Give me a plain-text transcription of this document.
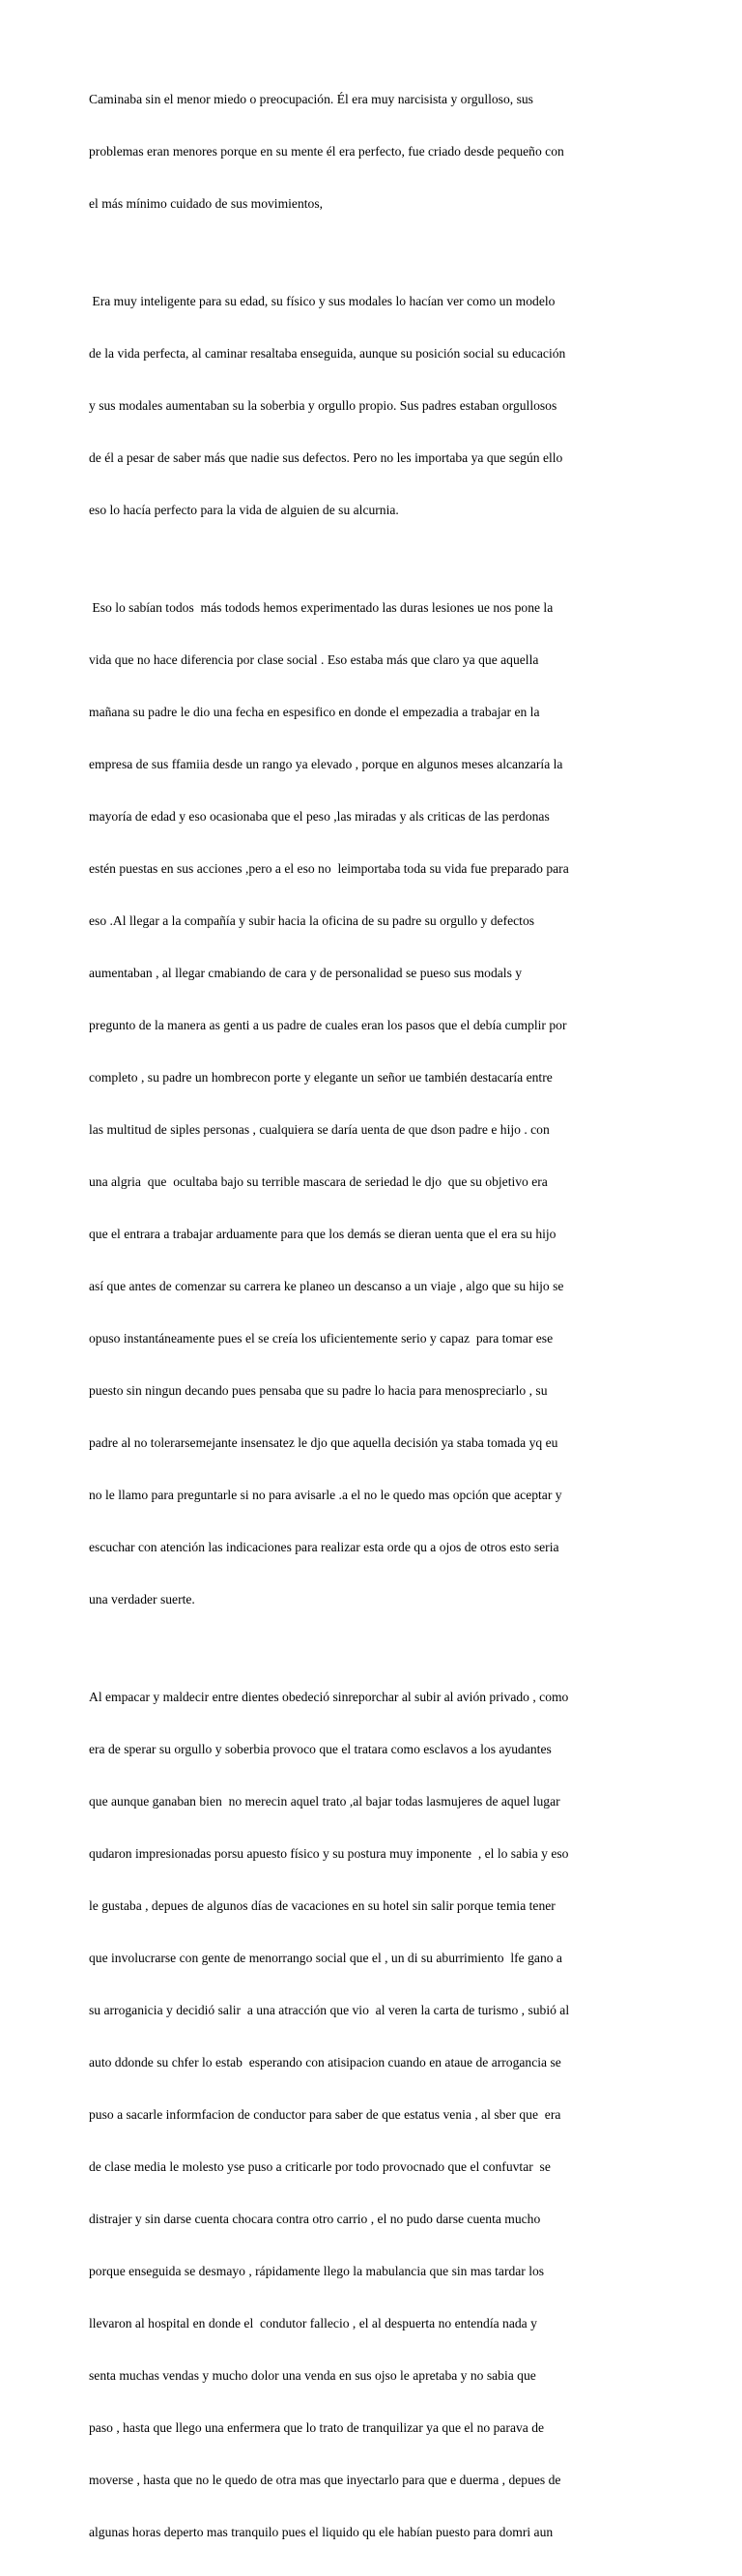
Caminaba sin el menor miedo o preocupación. Él era muy narcisista y orgulloso, sus

problemas eran menores porque en su mente él era perfecto, fue criado desde pequeño con

el más mínimo cuidado de sus movimientos,

Era muy inteligente para su edad, su físico y sus modales lo hacían ver como un modelo

de la vida perfecta, al caminar resaltaba enseguida, aunque su posición social su educación

y sus modales aumentaban su la soberbia y orgullo propio. Sus padres estaban orgullosos

de él a pesar de saber más que nadie sus defectos. Pero no les importaba ya que según ello

eso lo hacía perfecto para la vida de alguien de su alcurnia.

Eso lo sabían todos  más todods hemos experimentado las duras lesiones ue nos pone la

vida que no hace diferencia por clase social . Eso estaba más que claro ya que aquella

mañana su padre le dio una fecha en espesifico en donde el empezadia a trabajar en la

empresa de sus ffamiia desde un rango ya elevado , porque en algunos meses alcanzaría la

mayoría de edad y eso ocasionaba que el peso ,las miradas y als criticas de las perdonas

estén puestas en sus acciones ,pero a el eso no  leimportaba toda su vida fue preparado para

eso .Al llegar a la compañía y subir hacia la oficina de su padre su orgullo y defectos

aumentaban , al llegar cmabiando de cara y de personalidad se pueso sus modals y

pregunto de la manera as genti a us padre de cuales eran los pasos que el debía cumplir por

completo , su padre un hombrecon porte y elegante un señor ue también destacaría entre

las multitud de siples personas , cualquiera se daría uenta de que dson padre e hijo . con

una algria  que  ocultaba bajo su terrible mascara de seriedad le djo  que su objetivo era

que el entrara a trabajar arduamente para que los demás se dieran uenta que el era su hijo

así que antes de comenzar su carrera ke planeo un descanso a un viaje , algo que su hijo se

opuso instantáneamente pues el se creía los uficientemente serio y capaz  para tomar ese

puesto sin ningun decando pues pensaba que su padre lo hacia para menospreciarlo , su

padre al no tolerarsemejante insensatez le djo que aquella decisión ya staba tomada yq eu

no le llamo para preguntarle si no para avisarle .a el no le quedo mas opción que aceptar y

escuchar con atención las indicaciones para realizar esta orde qu a ojos de otros esto seria

una verdader suerte.

Al empacar y maldecir entre dientes obedeció sinreporchar al subir al avión privado , como

era de sperar su orgullo y soberbia provoco que el tratara como esclavos a los ayudantes

que aunque ganaban bien  no merecin aquel trato ,al bajar todas lasmujeres de aquel lugar

qudaron impresionadas porsu apuesto físico y su postura muy imponente  , el lo sabia y eso

le gustaba , depues de algunos días de vacaciones en su hotel sin salir porque temia tener

que involucrarse con gente de menorrango social que el , un di su aburrimiento  lfe gano a

su arroganicia y decidió salir  a una atracción que vio  al veren la carta de turismo , subió al

auto ddonde su chfer lo estab  esperando con atisipacion cuando en ataue de arrogancia se

puso a sacarle informfacion de conductor para saber de que estatus venia , al sber que  era

de clase media le molesto yse puso a criticarle por todo provocnado que el confuvtar  se

distrajer y sin darse cuenta chocara contra otro carrio , el no pudo darse cuenta mucho

porque enseguida se desmayo , rápidamente llego la mabulancia que sin mas tardar los

llevaron al hospital en donde el  condutor fallecio , el al despuerta no entendía nada y

senta muchas vendas y mucho dolor una venda en sus ojso le apretaba y no sabia que

paso , hasta que llego una enfermera que lo trato de tranquilizar ya que el no parava de

moverse , hasta que no le quedo de otra mas que inyectarlo para que e duerma , depues de

algunas horas deperto mas tranquilo pues el liquido qu ele habían puesto para domri aun
